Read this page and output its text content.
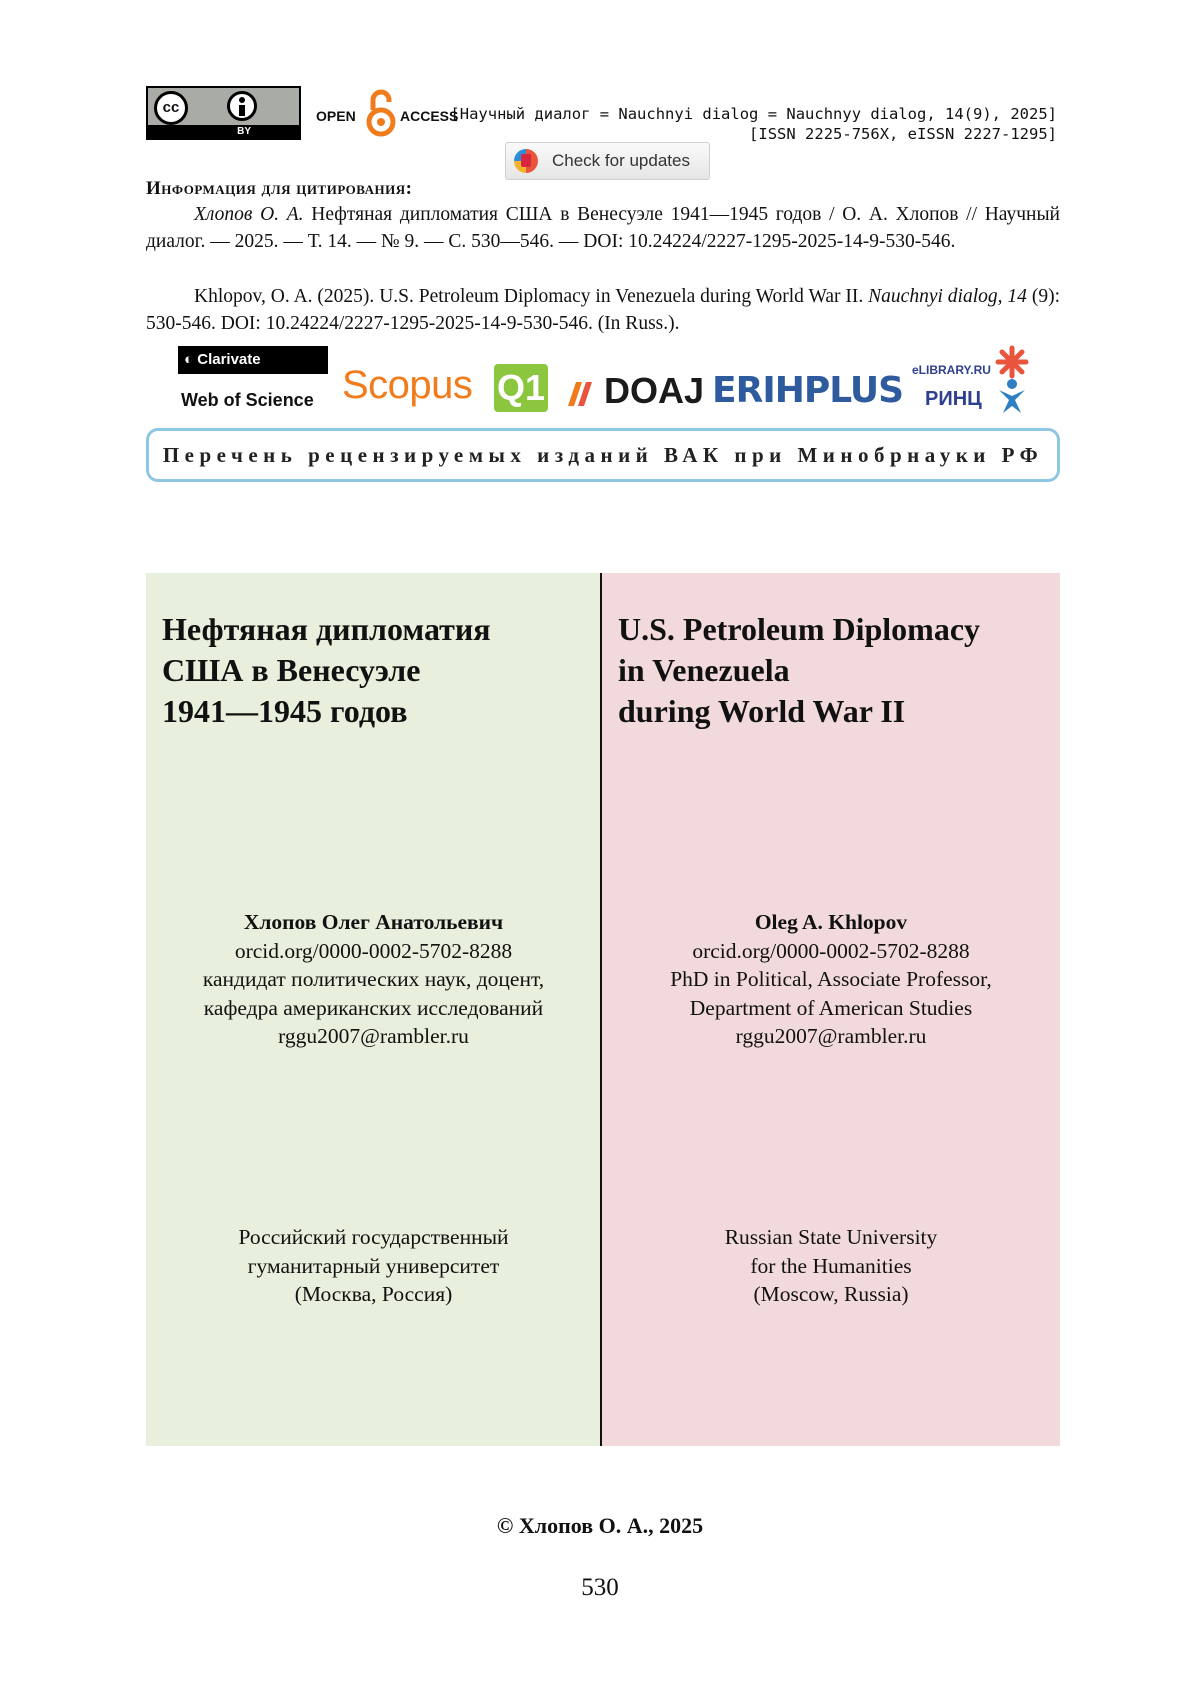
cc
BY
OPEN	ACCESS
[Научный диалог = Nauchnyi dialog = Nauchnyy dialog, 14(9), 2025]
[ISSN 2225-756X, eISSN 2227-1295]
Check for updates
Информация для цитирования:

Хлопов О. А. Нефтяная дипломатия США в Венесуэле 1941—1945 годов / О. А. Хлопов // Научный диалог. — 2025. — Т. 14. — № 9. — С. 530—546. — DOI: 10.24224/2227-1295-2025-14-9-530-546.

Khlopov, O. A. (2025). U.S. Petroleum Diplomacy in Venezuela during World War II. Nauchnyi dialog, 14 (9): 530-546. DOI: 10.24224/2227-1295-2025-14-9-530-546. (In Russ.).

◐ Clarivate
Web of Science Scopus Q1 DOAJ ERIHPLUS eLIBRARY.RU
РИНЦ
Перечень рецензируемых изданий ВАК при Минобрнауки РФ
Нефтяная дипломатия
США в Венесуэле
1941—1945 годов
Хлопов Олег Анатольевич
orcid.org/0000-0002-5702-8288
кандидат политических наук, доцент,
кафедра американских исследований
rggu2007@rambler.ru
Российский государственный
гуманитарный университет
(Москва, Россия)
U.S. Petroleum Diplomacy
in Venezuela
during World War II
Oleg A. Khlopov
orcid.org/0000-0002-5702-8288
PhD in Political, Associate Professor,
Department of American Studies
rggu2007@rambler.ru
Russian State University
for the Humanities
(Moscow, Russia)
© Хлопов О. А., 2025
530
